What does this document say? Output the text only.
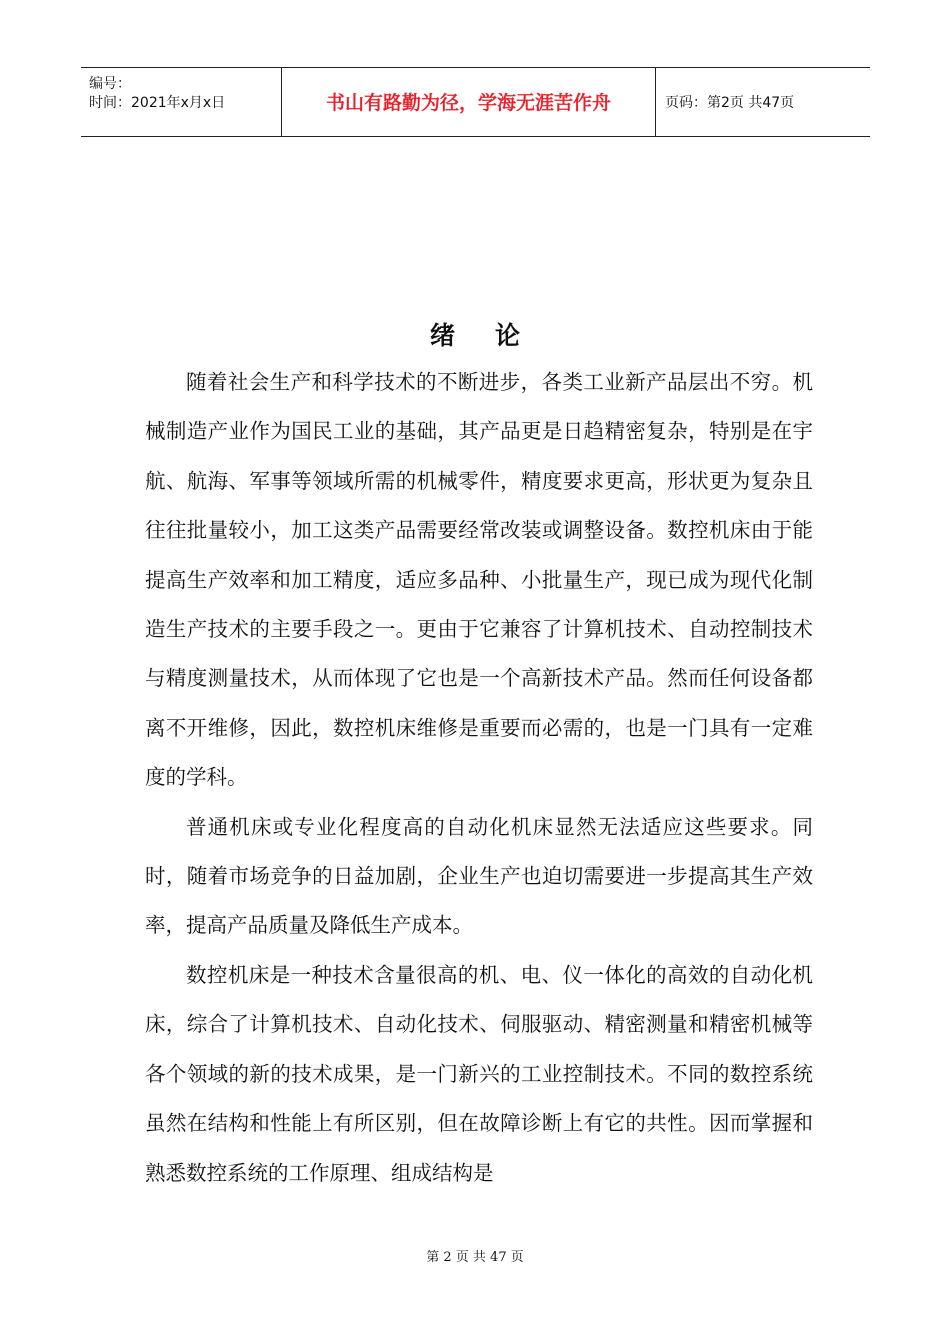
编号：
时间：2021年x月x日	书山有路勤为径，学海无涯苦作舟	页码：第2页 共47页
绪论

随着社会生产和科学技术的不断进步，各类工业新产品层出不穷。机械制造产业作为国民工业的基础，其产品更是日趋精密复杂，特别是在宇航、航海、军事等领域所需的机械零件，精度要求更高，形状更为复杂且往往批量较小，加工这类产品需要经常改装或调整设备。数控机床由于能提高生产效率和加工精度，适应多品种、小批量生产，现已成为现代化制造生产技术的主要手段之一。更由于它兼容了计算机技术、自动控制技术与精度测量技术，从而体现了它也是一个高新技术产品。然而任何设备都离不开维修，因此，数控机床维修是重要而必需的，也是一门具有一定难度的学科。

普通机床或专业化程度高的自动化机床显然无法适应这些要求。同时，随着市场竞争的日益加剧，企业生产也迫切需要进一步提高其生产效率，提高产品质量及降低生产成本。

数控机床是一种技术含量很高的机、电、仪一体化的高效的自动化机床，综合了计算机技术、自动化技术、伺服驱动、精密测量和精密机械等各个领域的新的技术成果，是一门新兴的工业控制技术。不同的数控系统虽然在结构和性能上有所区别，但在故障诊断上有它的共性。因而掌握和熟悉数控系统的工作原理、组成结构是

第 2 页 共 47 页
